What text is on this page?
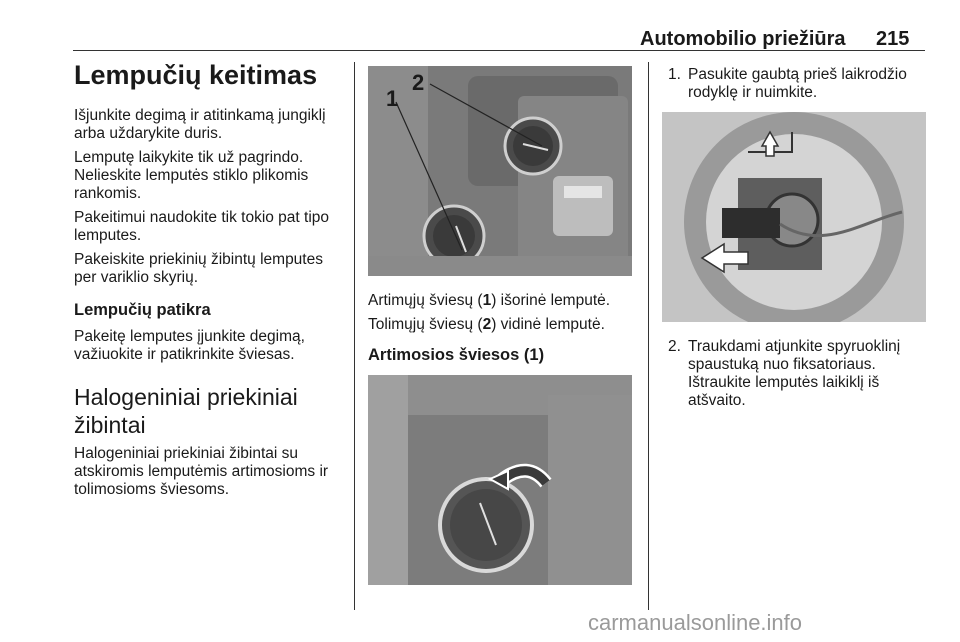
Automobilio priežiūra 215
Lempučių keitimas

Išjunkite degimą ir atitinkamą jungiklį arba uždarykite duris.

Lemputę laikykite tik už pagrindo. Nelieskite lemputės stiklo plikomis rankomis.

Pakeitimui naudokite tik tokio pat tipo lemputes.

Pakeiskite priekinių žibintų lemputes per variklio skyrių.

Lempučių patikra

Pakeitę lemputes įjunkite degimą, važiuokite ir patikrinkite šviesas.

Halogeniniai priekiniai žibintai

Halogeniniai priekiniai žibintai su atskiromis lemputėmis artimosioms ir tolimosioms šviesoms.

1
2

Artimųjų šviesų (1) išorinė lemputė.

Tolimųjų šviesų (2) vidinė lemputė.

Artimosios šviesos (1)
1. Pasukite gaubtą prieš laikrodžio rodyklę ir nuimkite.
2. Traukdami atjunkite spyruoklinį spaustuką nuo fiksatoriaus. Ištraukite lemputės laikiklį iš atšvaito.
carmanualsonline.info
